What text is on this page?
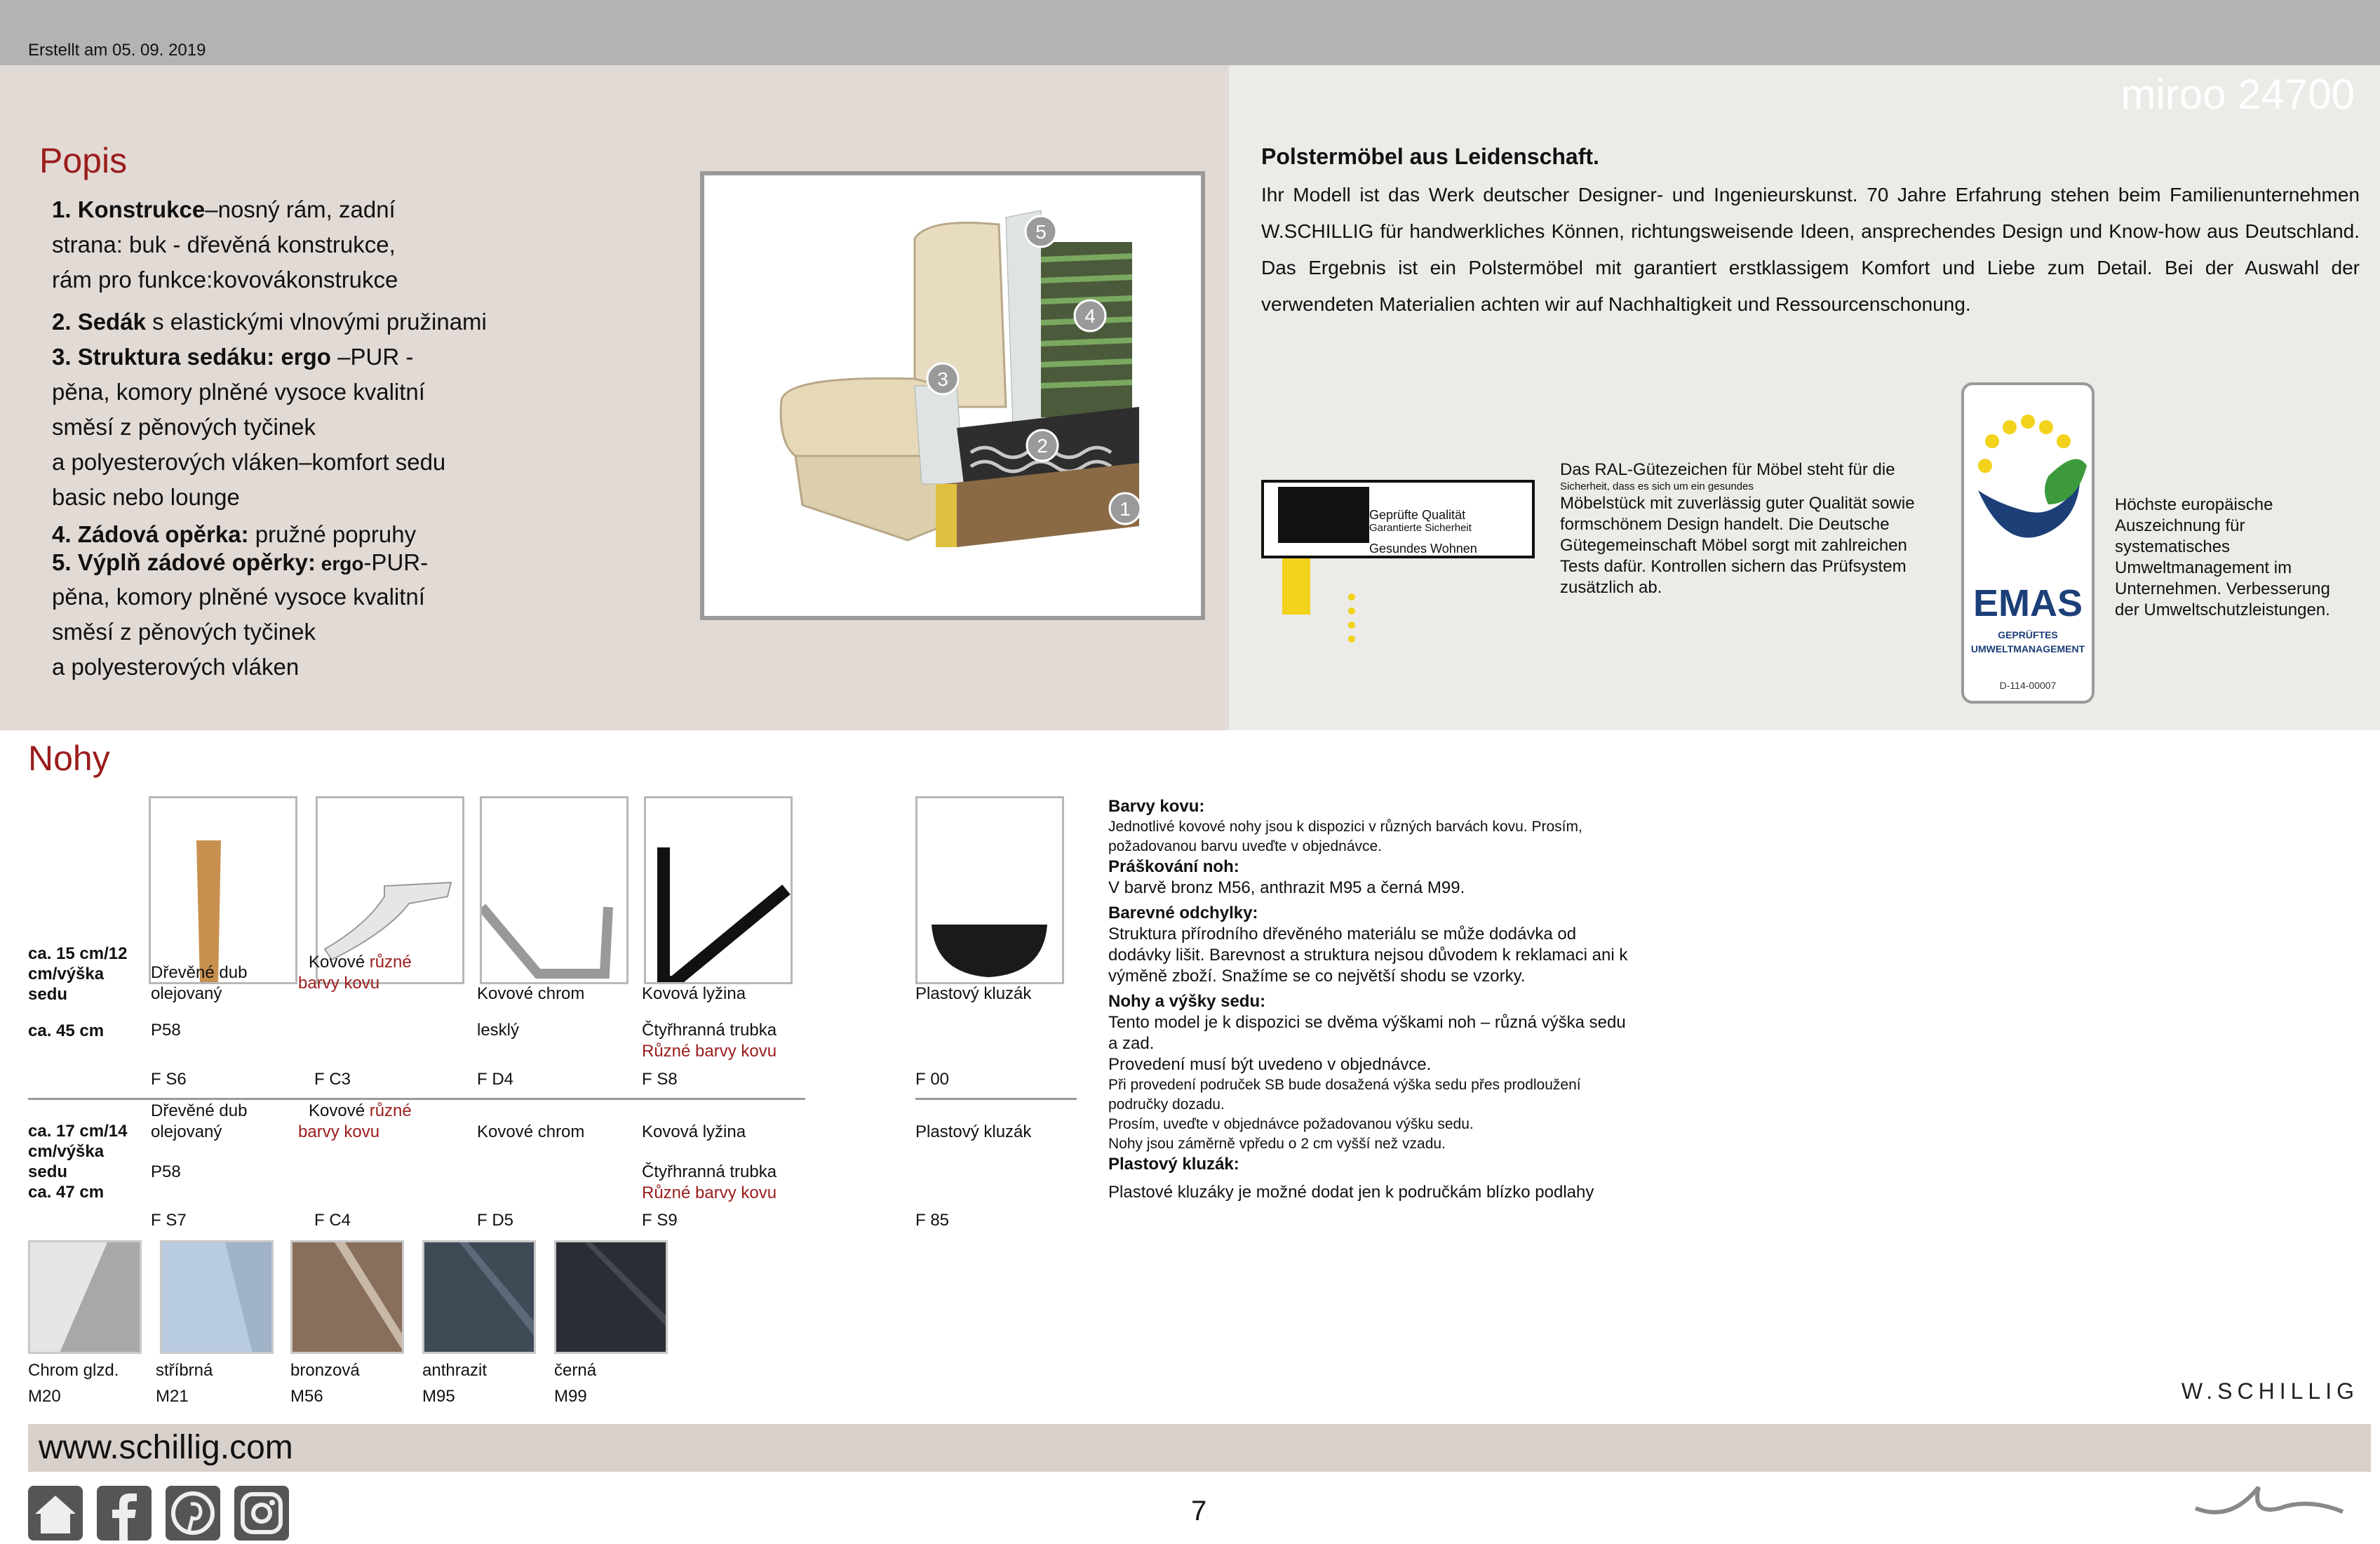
Erstellt am 05. 09. 2019
Popis
1. Konstrukce–nosný rám, zadní
strana: buk - dřevěná konstrukce,
rám pro funkce:kovovákonstrukce
2. Sedák s elastickými vlnovými pružinami
3. Struktura sedáku: ergo –PUR -
pěna, komory plněné vysoce kvalitní
směsí z pěnových tyčinek
a polyesterových vláken–komfort sedu
basic nebo lounge
4. Zádová opěrka: pružné popruhy
5. Výplň zádové opěrky: ergo-PUR-
pěna, komory plněné vysoce kvalitní
směsí z pěnových tyčinek
a polyesterových vláken
1
2
3
4
5
miroo 24700
Polstermöbel aus Leidenschaft.
Ihr Modell ist das Werk deutscher Designer- und Ingenieurskunst. 70 Jahre Erfahrung stehen beim Familienunternehmen W.SCHILLIG für handwerkliches Können, richtungsweisende Ideen, ansprechendes Design und Know-how aus Deutschland. Das Ergebnis ist ein Polstermöbel mit garantiert erstklassigem Komfort und Liebe zum Detail. Bei der Auswahl der verwendeten Materialien achten wir auf Nachhaltigkeit und Ressourcenschonung.
Geprüfte Qualität
Garantierte Sicherheit
Gesundes Wohnen
Das RAL-Gütezeichen für Möbel steht für die
Sicherheit, dass es sich um ein gesundes
Möbelstück mit zuverlässig guter Qualität sowie formschönem Design handelt. Die Deutsche Gütegemeinschaft Möbel sorgt mit zahlreichen Tests dafür. Kontrollen sichern das Prüfsystem zusätzlich ab.	EMAS
GEPRÜFTES
UMWELTMANAGEMENT
D-114-00007
Höchste europäische Auszeichnung für systematisches Umweltmanagement im Unternehmen. Verbesserung der Umweltschutzleistungen.
Nohy
ca. 15 cm/12 cm/výška sedu
ca. 45 cm
Dřevěné dub
olejovaný
P58
F S6
Kovové různé
barvy kovu
F C3
Kovové chrom
lesklý
F D4
Kovová lyžina
Čtyřhranná trubka
Různé barvy kovu
F S8
Plastový kluzák
F 00
ca. 17 cm/14 cm/výška sedu
ca. 47 cm
Dřevěné dub
olejovaný
P58
F S7
Kovové různé
barvy kovu
F C4
Kovové chrom
F D5
Kovová lyžina
Čtyřhranná trubka
Různé barvy kovu
F S9
Plastový kluzák
F 85
Barvy kovu:
Jednotlivé kovové nohy jsou k dispozici v různých barvách kovu. Prosím, požadovanou barvu uveďte v objednávce.
Práškování noh:
V barvě bronz M56, anthrazit M95 a černá M99.
Barevné odchylky:
Struktura přírodního dřevěného materiálu se může dodávka od dodávky lišit. Barevnost a struktura nejsou důvodem k reklamaci ani k výměně zboží. Snažíme se co největší shodu se vzorky.
Nohy a výšky sedu:
Tento model je k dispozici se dvěma výškami noh – různá výška sedu a zad.
Provedení musí být uvedeno v objednávce.
Při provedení područek SB bude dosažená výška sedu přes prodloužení područky dozadu.
Prosím, uveďte v objednávce požadovanou výšku sedu.
Nohy jsou záměrně vpředu o 2 cm vyšší než vzadu.
Plastový kluzák:
Plastové kluzáky je možné dodat jen k područkám blízko podlahy
Chrom glzd.
M20
stříbrná
M21
bronzová
M56
anthrazit
M95
černá
M99	W.SCHILLIG
www.schillig.com
7
